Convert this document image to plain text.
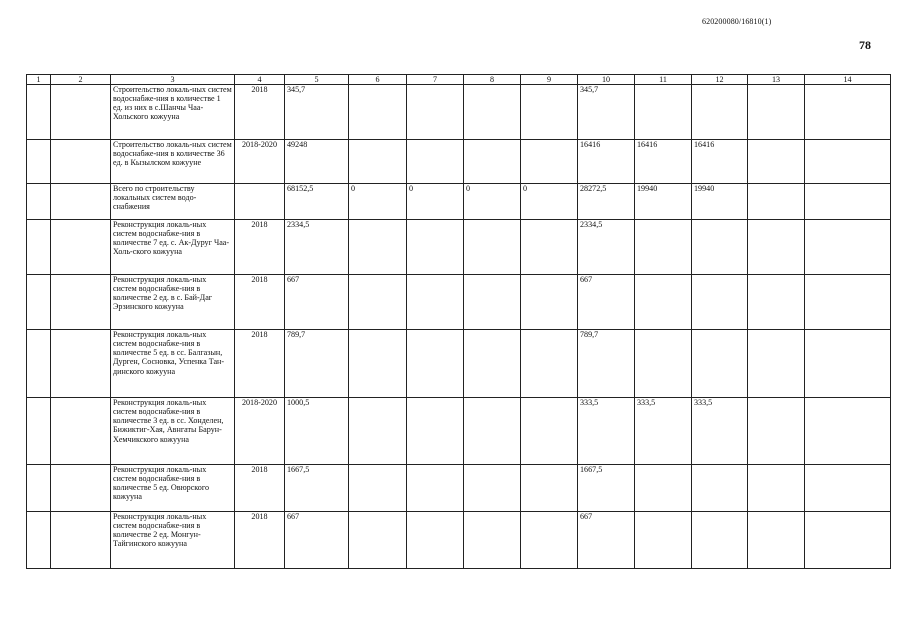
620200080/16810(1)
78
1	2	3	4	5	6	7	8	9	10	11	12	13	14
		Строительство локаль-ных систем водоснабже-ния в количестве 1 ед. из них в с.Шанчы Чаа-Хольского кожууна	2018	345,7					345,7				
		Строительство локаль-ных систем водоснабже-ния в количестве 36 ед. в Кызылском кожууне	2018-2020	49248					16416	16416	16416		
		Всего по строительству локальных систем водо-снабжения		68152,5	0	0	0	0	28272,5	19940	19940		
		Реконструкция локаль-ных систем водоснабже-ния в количестве 7 ед. с. Ак-Дуруг Чаа-Холь-ского кожууна	2018	2334,5					2334,5				
		Реконструкция локаль-ных систем водоснабже-ния в количестве 2 ед. в с. Бай-Даг Эрзинского кожууна	2018	667					667				
		Реконструкция локаль-ных систем водоснабже-ния в количестве 5 ед. в сс. Балгазын, Дурген, Сосновка, Успенка Тан-динского кожууна	2018	789,7					789,7				
		Реконструкция локаль-ных систем водоснабже-ния в количестве 3 ед. в сс. Хонделен, Бижиктиг-Хая, Авнгаты Барун-Хемчикского кожууна	2018-2020	1000,5					333,5	333,5	333,5		
		Реконструкция локаль-ных систем водоснабже-ния в количестве 5 ед. Овюрского кожууна	2018	1667,5					1667,5				
		Реконструкция локаль-ных систем водоснабже-ния в количестве 2 ед. Монгун-Тайгинского кожууна	2018	667					667				
